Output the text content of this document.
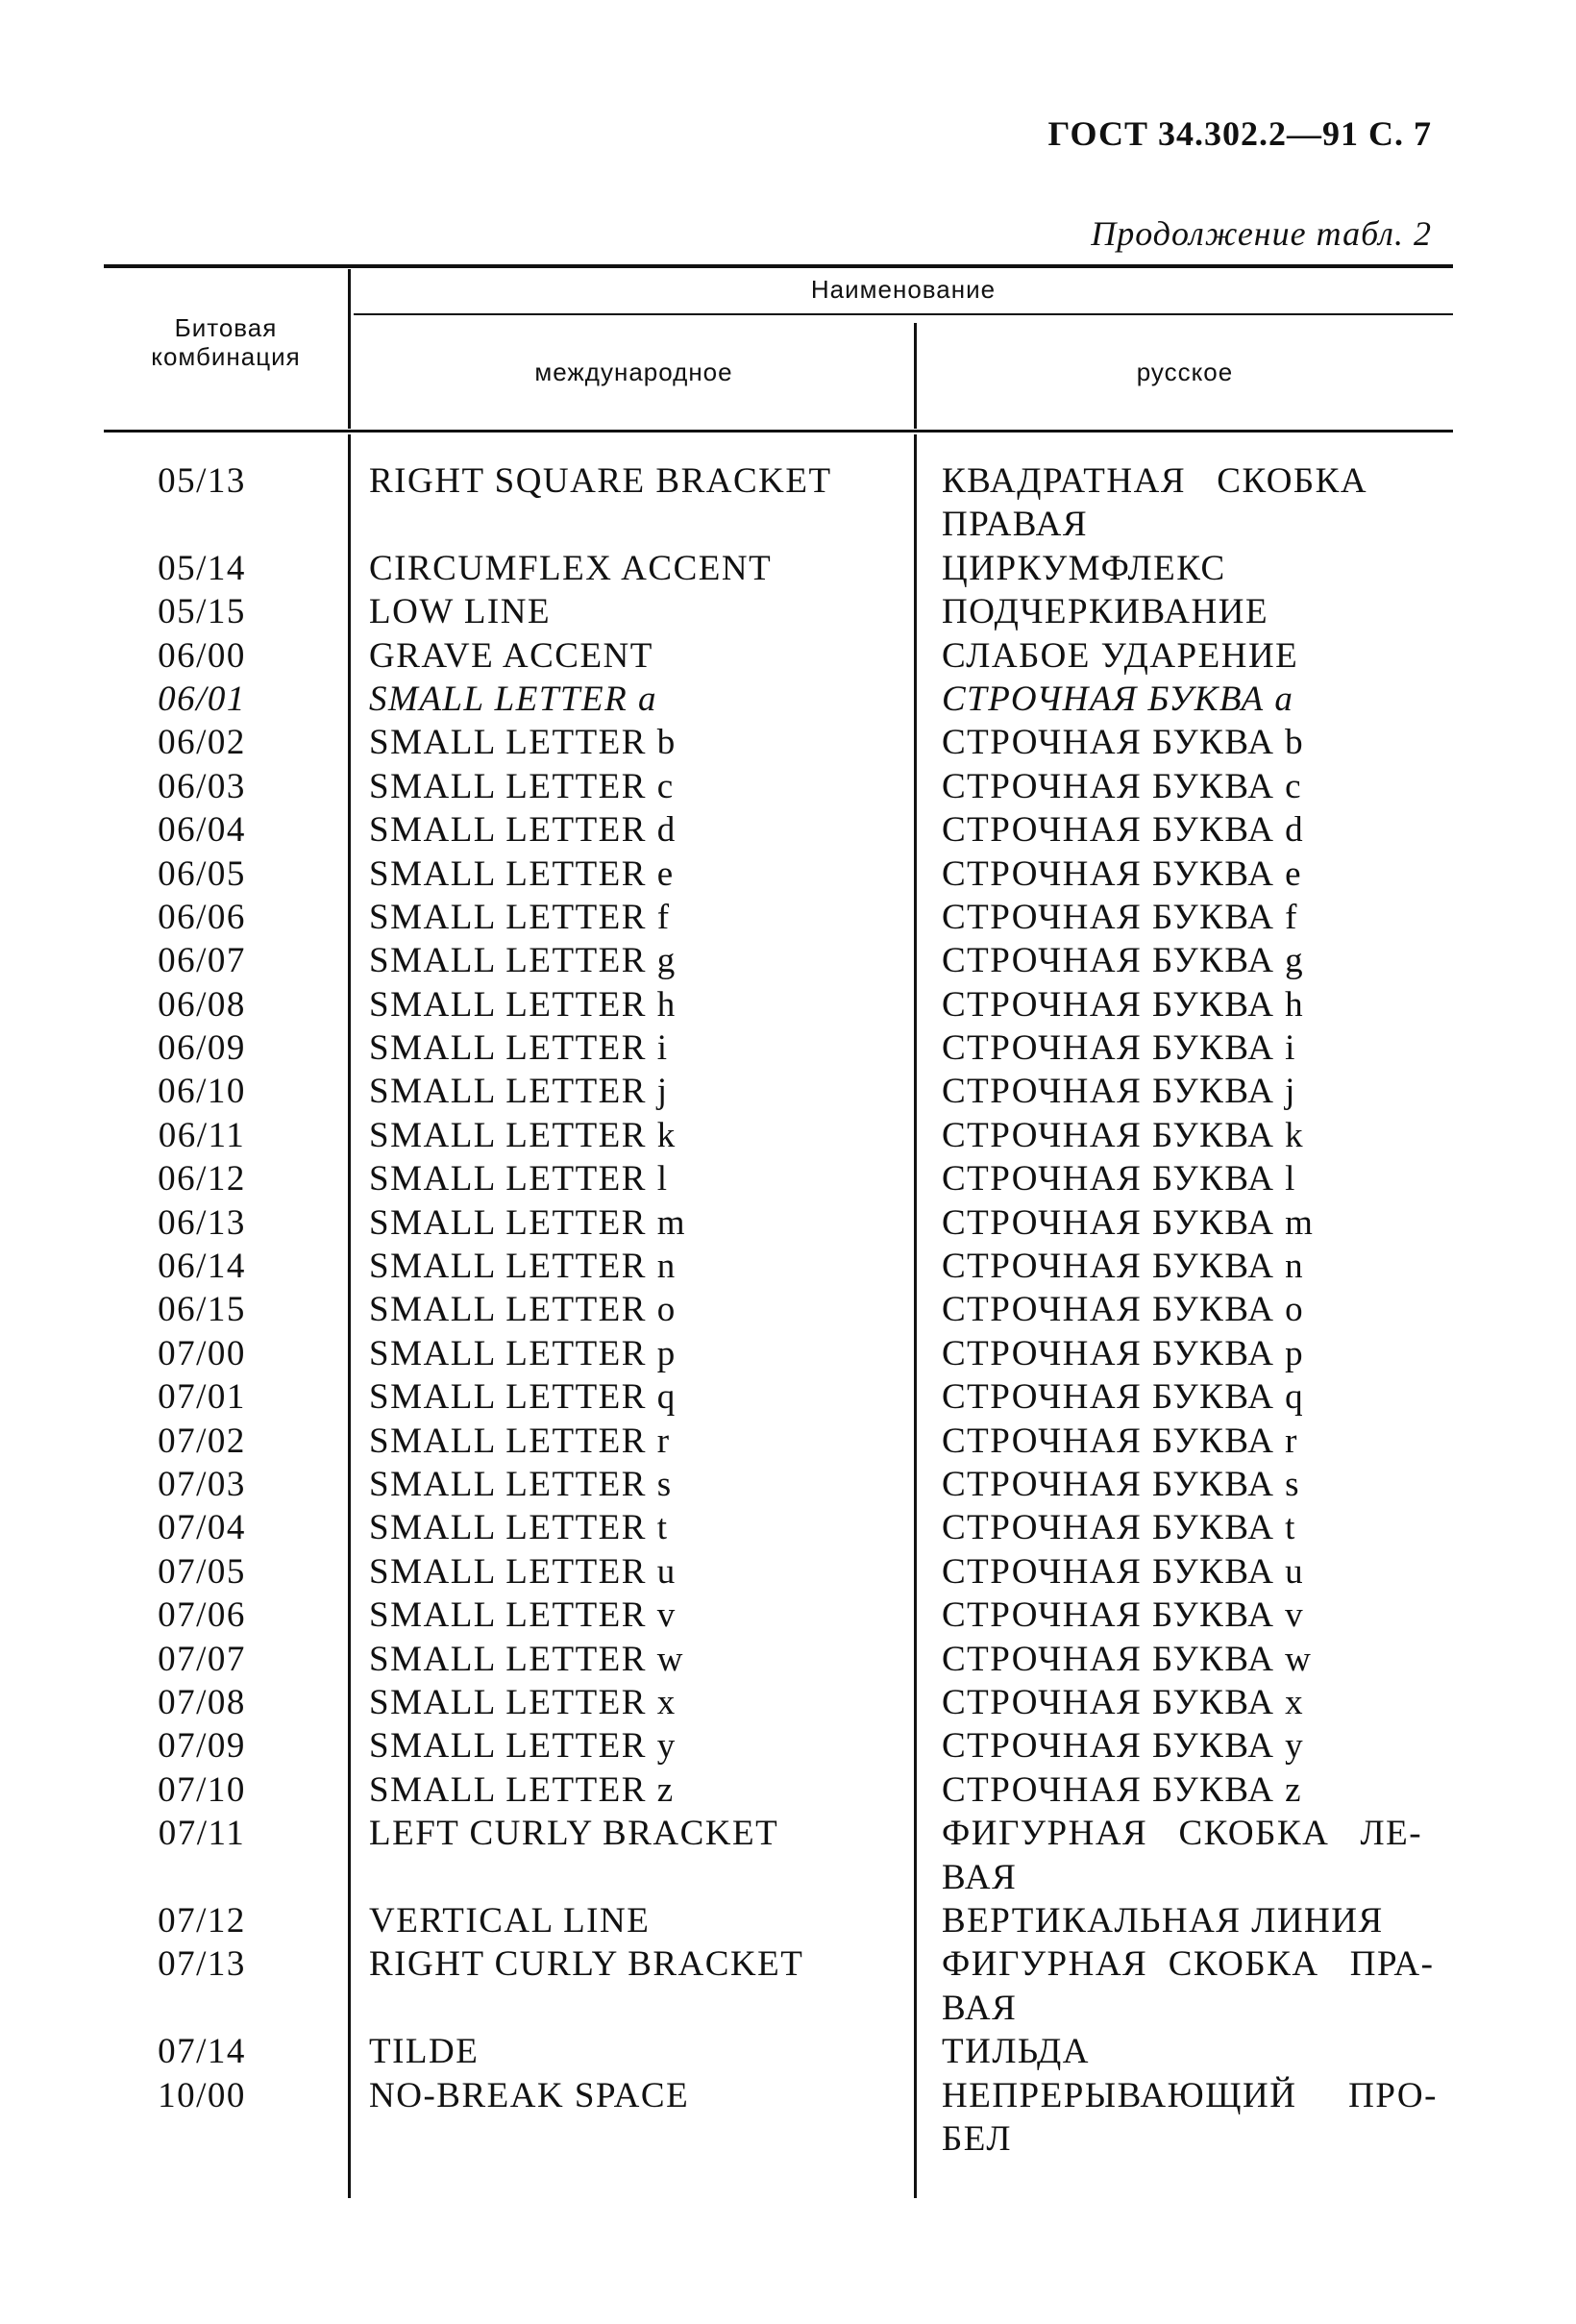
ГОСТ 34.302.2—91 С. 7
Продолжение табл. 2
Битовая
комбинация
Наименование
международное	русское
05/13	RIGHT SQUARE BRACKET	КВАДРАТНАЯ   СКОБКА
ПРАВАЯ
05/14	CIRCUMFLEX ACCENT	ЦИРКУМФЛЕКС
05/15	LOW LINE	ПОДЧЕРКИВАНИЕ
06/00	GRAVE ACCENT	СЛАБОЕ УДАРЕНИЕ
06/01	SMALL LETTER a	СТРОЧНАЯ БУКВА a
06/02	SMALL LETTER b	СТРОЧНАЯ БУКВА b
06/03	SMALL LETTER c	СТРОЧНАЯ БУКВА c
06/04	SMALL LETTER d	СТРОЧНАЯ БУКВА d
06/05	SMALL LETTER e	СТРОЧНАЯ БУКВА e
06/06	SMALL LETTER f	СТРОЧНАЯ БУКВА f
06/07	SMALL LETTER g	СТРОЧНАЯ БУКВА g
06/08	SMALL LETTER h	СТРОЧНАЯ БУКВА h
06/09	SMALL LETTER i	СТРОЧНАЯ БУКВА i
06/10	SMALL LETTER j	СТРОЧНАЯ БУКВА j
06/11	SMALL LETTER k	СТРОЧНАЯ БУКВА k
06/12	SMALL LETTER l	СТРОЧНАЯ БУКВА l
06/13	SMALL LETTER m	СТРОЧНАЯ БУКВА m
06/14	SMALL LETTER n	СТРОЧНАЯ БУКВА n
06/15	SMALL LETTER o	СТРОЧНАЯ БУКВА o
07/00	SMALL LETTER p	СТРОЧНАЯ БУКВА p
07/01	SMALL LETTER q	СТРОЧНАЯ БУКВА q
07/02	SMALL LETTER r	СТРОЧНАЯ БУКВА r
07/03	SMALL LETTER s	СТРОЧНАЯ БУКВА s
07/04	SMALL LETTER t	СТРОЧНАЯ БУКВА t
07/05	SMALL LETTER u	СТРОЧНАЯ БУКВА u
07/06	SMALL LETTER v	СТРОЧНАЯ БУКВА v
07/07	SMALL LETTER w	СТРОЧНАЯ БУКВА w
07/08	SMALL LETTER x	СТРОЧНАЯ БУКВА x
07/09	SMALL LETTER y	СТРОЧНАЯ БУКВА y
07/10	SMALL LETTER z	СТРОЧНАЯ БУКВА z
07/11	LEFT CURLY BRACKET	ФИГУРНАЯ   СКОБКА   ЛЕ-
ВАЯ
07/12	VERTICAL LINE	ВЕРТИКАЛЬНАЯ ЛИНИЯ
07/13	RIGHT CURLY BRACKET	ФИГУРНАЯ  СКОБКА   ПРА-
ВАЯ
07/14	TILDE	ТИЛЬДА
10/00	NO-BREAK SPACE	НЕПРЕРЫВАЮЩИЙ     ПРО-
БЕЛ
